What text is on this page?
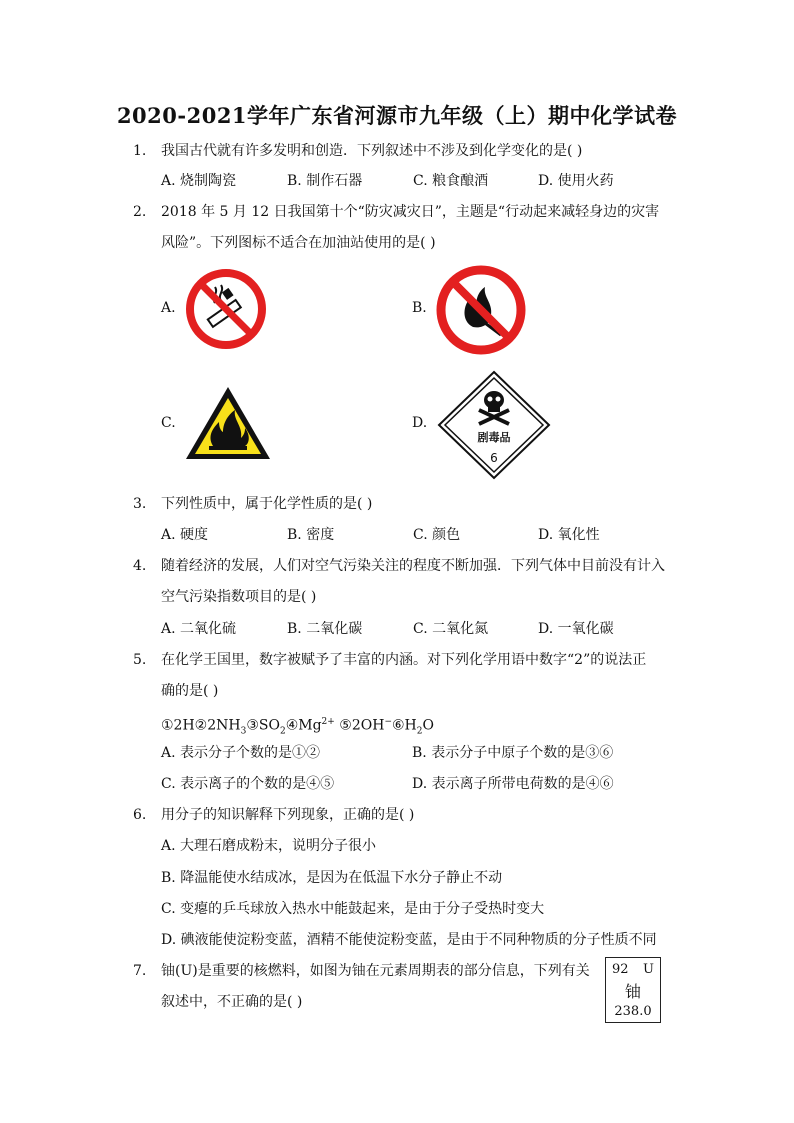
2020-2021学年广东省河源市九年级（上）期中化学试卷
1.	我国古代就有许多发明和创造．下列叙述中不涉及到化学变化的是( )
A. 烧制陶瓷	B. 制作石器	C. 粮食酿酒	D. 使用火药
2.	2018 年 5 月 12 日我国第十个“防灾减灾日”，主题是“行动起来减轻身边的灾害
风险”。下列图标不适合在加油站使用的是( )
A.	B.
C.	D.
剧毒品
6
3.	下列性质中，属于化学性质的是( )
A. 硬度	B. 密度	C. 颜色	D. 氧化性
4.	随着经济的发展，人们对空气污染关注的程度不断加强．下列气体中目前没有计入
空气污染指数项目的是( )
A. 二氧化硫	B. 二氧化碳	C. 二氧化氮	D. 一氧化碳
5.	在化学王国里，数字被赋予了丰富的内涵。对下列化学用语中数字“2”的说法正
确的是( )
$①2H②2NH_3③SO_2④Mg^{2+}$ $⑤2OH^-⑥H_2O$
A. 表示分子个数的是①②	B. 表示分子中原子个数的是③⑥
C. 表示离子的个数的是④⑤	D. 表示离子所带电荷数的是④⑥
6.	用分子的知识解释下列现象，正确的是( )
A. 大理石磨成粉末，说明分子很小
B. 降温能使水结成冰，是因为在低温下水分子静止不动
C. 变瘪的乒乓球放入热水中能鼓起来，是由于分子受热时变大
D. 碘液能使淀粉变蓝，酒精不能使淀粉变蓝，是由于不同种物质的分子性质不同
7.	铀(U)是重要的核燃料，如图为铀在元素周期表的部分信息，下列有关
叙述中，不正确的是( )
92 U
铀
238.0
